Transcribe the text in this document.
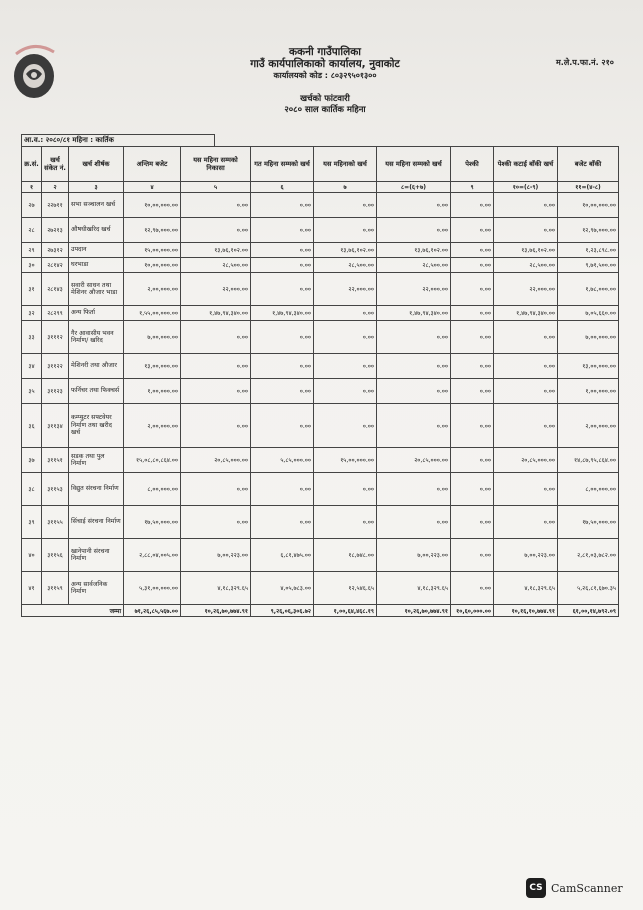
ककनी गाउँपालिका
गाउँ कार्यपालिकाको कार्यालय, नुवाकोट
कार्यालयको कोड : ८०३२९५०१३००
म.ले.प.फा.नं. २१०
खर्चको फांटवारी
२०८० साल कार्तिक महिना
आ.व.: २०८०/८१ महिना : कार्तिक
क्र.सं.	खर्च संकेत नं.	खर्च शीर्षक	अन्तिम बजेट	यस महिना सम्मको निकासा	गत महिना सम्मको खर्च	यस महिनाको खर्च	यस महिना सम्मको खर्च	पेश्की	पेश्की कटाई बाँकी खर्च	बजेट बाँकी
१	२	३	४	५	६	७	८=(६+७)	९	१०=(८-९)	११=(४-८)
२७	२२७११	सभा सञ्चालन खर्च	१०,००,०००.००	०.००	०.००	०.००	०.००	०.००	०.००	१०,००,०००.००
२८	२७२१३	औषधीखरिद खर्च	१२,९७,०००.००	०.००	०.००	०.००	०.००	०.००	०.००	१२,९७,०००.००
२९	२७३१२	उपदान	१५,००,०००.००	१३,७६,१०२.००	०.००	१३,७६,१०२.००	१३,७६,१०२.००	०.००	१३,७६,१०२.००	१,२३,८९८.००
३०	२८१४२	घरभाडा	१०,००,०००.००	२८,५००.००	०.००	२८,५००.००	२८,५००.००	०.००	२८,५००.००	९,७१,५००.००
३१	२८१४३	सवारी साधन तथा मेशिनर औजार भाडा	२,००,०००.००	२२,०००.००	०.००	२२,०००.००	२२,०००.००	०.००	२२,०००.००	१,७८,०००.००
३२	२८२९९	अन्य फिर्ता	१,५५,००,०००.००	१,४७,९४,३४०.००	१,४७,९४,३४०.००	०.००	१,४७,९४,३४०.००	०.००	१,४७,९४,३४०.००	७,०५,६६०.००
३३	३१११२	गैर आवासीय भवन निर्माण/ खरिद	७,००,०००.००	०.००	०.००	०.००	०.००	०.००	०.००	७,००,०००.००
३४	३११२२	मेशिनरी तथा औजार	१३,००,०००.००	०.००	०.००	०.००	०.००	०.००	०.००	१३,००,०००.००
३५	३११२३	फर्निचर तथा फिक्चर्स	१,००,०००.००	०.००	०.००	०.००	०.००	०.००	०.००	१,००,०००.००
३६	३११३४	कम्प्युटर सफ्टवेयर निर्माण तथा खरीद खर्च	२,००,०००.००	०.००	०.००	०.००	०.००	०.००	०.००	२,००,०००.००
३७	३११५१	सडक तथा पुल निर्माण	१५,०८,८०,८६४.००	२०,८५,०००.००	५,८५,०००.००	१५,००,०००.००	२०,८५,०००.००	०.००	२०,८५,०००.००	१४,८७,९५,८६४.००
३८	३११५३	विद्युत संरचना निर्माण	८,००,०००.००	०.००	०.००	०.००	०.००	०.००	०.००	८,००,०००.००
३९	३११५५	सिंचाई संरचना निर्माण	१७,५०,०००.००	०.००	०.००	०.००	०.००	०.००	०.००	१७,५०,०००.००
४०	३११५६	खानेपानी संरचना निर्माण	२,८८,०४,००५.००	७,००,२२३.००	६,८१,४७५.००	१८,७४८.००	७,००,२२३.००	०.००	७,००,२२३.००	२,८१,०३,७८२.००
४१	३११५९	अन्य सार्वजनिक निर्माण	५,३१,००,०००.००	४,१८,३२९.६५	४,०५,७८३.००	१२,५४६.६५	४,१८,३२९.६५	०.००	४,१८,३२९.६५	५,२६,८१,६७०.३५
जम्मा			७१,२६,८५,५६७.००	१०,२६,७०,७७४.९१	९,२६,०६,३०६.७२	१,००,६४,४६८.१९	१०,२६,७०,७७४.९१	१०,६०,०००.००	१०,१६,१०,७७४.९१	६१,००,१४,७९२.०९
CS CamScanner
